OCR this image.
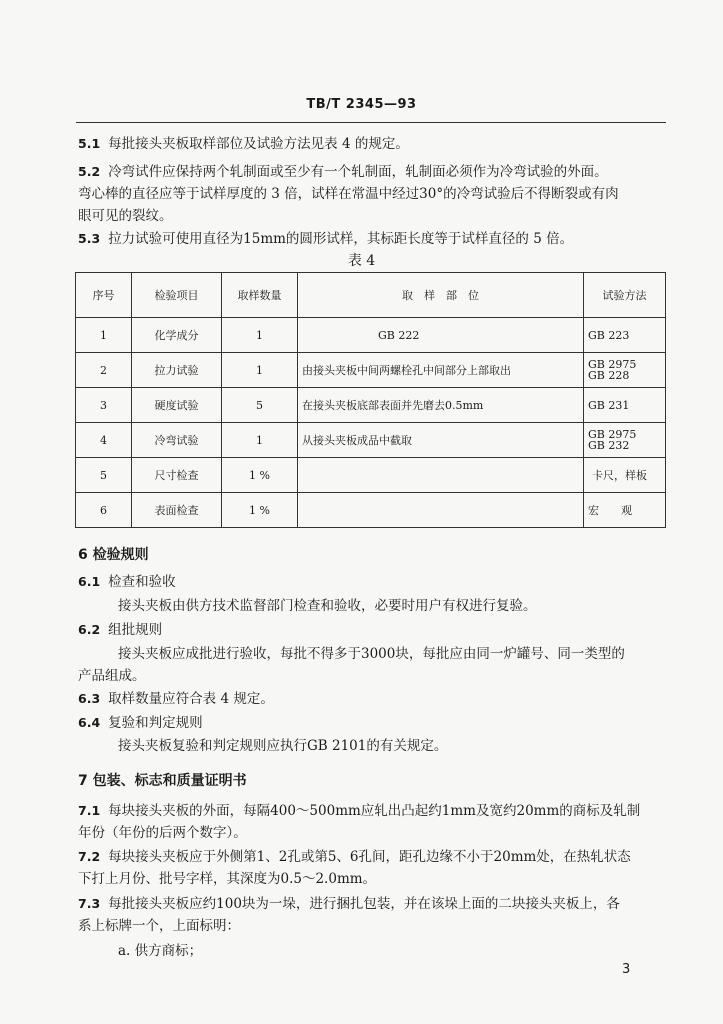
TB/T 2345—93
5.1 每批接头夹板取样部位及试验方法见表 4 的规定。
5.2 冷弯试件应保持两个轧制面或至少有一个轧制面，轧制面必须作为冷弯试验的外面。
弯心棒的直径应等于试样厚度的 3 倍，试样在常温中经过30°的冷弯试验后不得断裂或有肉
眼可见的裂纹。
5.3 拉力试验可使用直径为15mm的圆形试样，其标距长度等于试样直径的 5 倍。
表 4
序号	检验项目	取样数量	取　样　部　位	试验方法
1	化学成分	1	GB 222	GB 223

2	拉力试验	1	由接头夹板中间两螺栓孔中间部分上部取出	GB 2975
GB 228

3	硬度试验	5	在接头夹板底部表面并先磨去0.5mm	GB 231

4	冷弯试验	1	从接头夹板成品中截取	GB 2975
GB 232

5	尺寸检查	1 %		卡尺，样板

6	表面检查	1 %		宏　　观
6 检验规则
6.1 检查和验收
接头夹板由供方技术监督部门检查和验收，必要时用户有权进行复验。
6.2 组批规则
接头夹板应成批进行验收，每批不得多于3000块，每批应由同一炉罐号、同一类型的
产品组成。
6.3 取样数量应符合表 4 规定。
6.4 复验和判定规则
接头夹板复验和判定规则应执行GB 2101的有关规定。
7 包装、标志和质量证明书
7.1 每块接头夹板的外面，每隔400～500mm应轧出凸起约1mm及宽约20mm的商标及轧制
年份（年份的后两个数字）。
7.2 每块接头夹板应于外侧第1、2孔或第5、6孔间，距孔边缘不小于20mm处，在热轧状态
下打上月份、批号字样，其深度为0.5～2.0mm。
7.3 每批接头夹板应约100块为一垛，进行捆扎包装，并在该垛上面的二块接头夹板上，各
系上标牌一个，上面标明：
a. 供方商标；
3
